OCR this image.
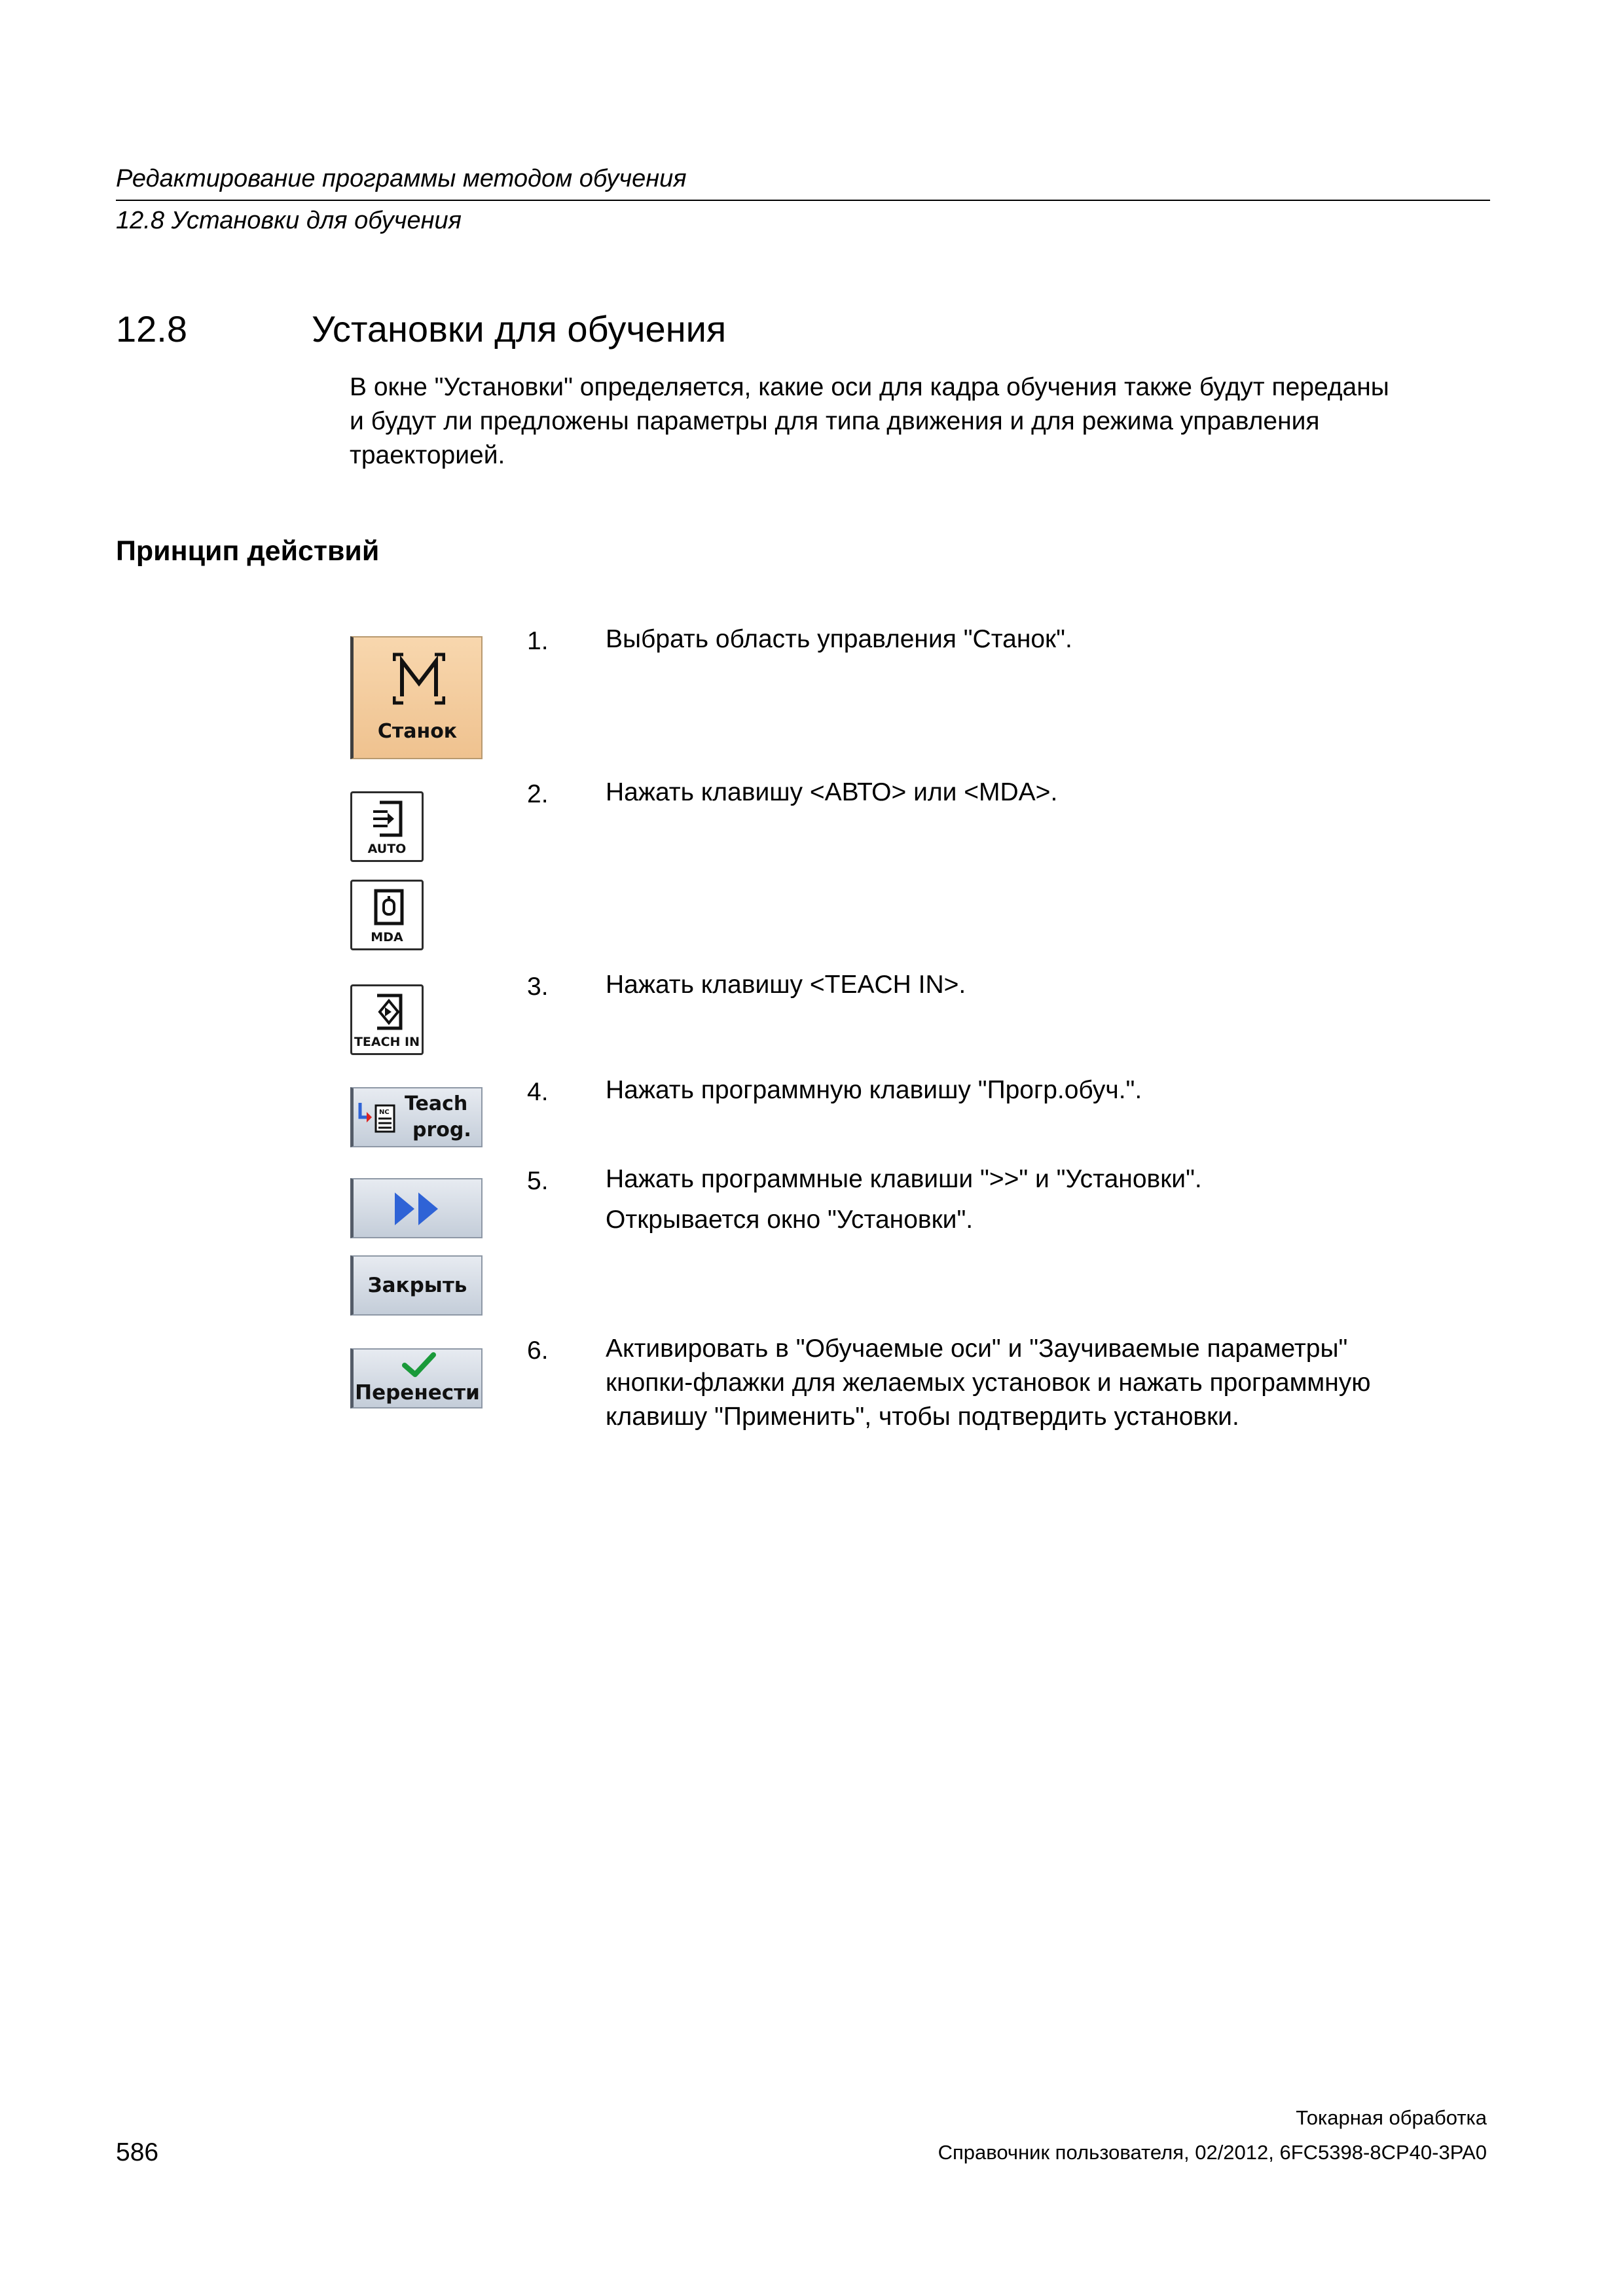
Редактирование программы методом обучения
12.8 Установки для обучения
12.8	Установки для обучения
В окне "Установки" определяется, какие оси для кадра обучения также будут переданы
и будут ли предложены параметры для типа движения и для режима управления
траекторией.
Принцип действий
1. Выбрать область управления "Станок".
Станок
2. Нажать клавишу <АВТО> или <MDA>.
AUTO
MDA
3. Нажать клавишу <TEACH IN>.
TEACH IN
4. Нажать программную клавишу "Прогр.обуч.".
NC Teach
prog.
5. Нажать программные клавиши ">>" и "Установки".
Открывается окно "Установки".
Закрыть
6. Активировать в "Обучаемые оси" и "Заучиваемые параметры"
кнопки-флажки для желаемых установок и нажать программную
клавишу "Применить", чтобы подтвердить установки.
Перенести
Токарная обработка
586	Справочник пользователя, 02/2012, 6FC5398-8CP40-3PA0
